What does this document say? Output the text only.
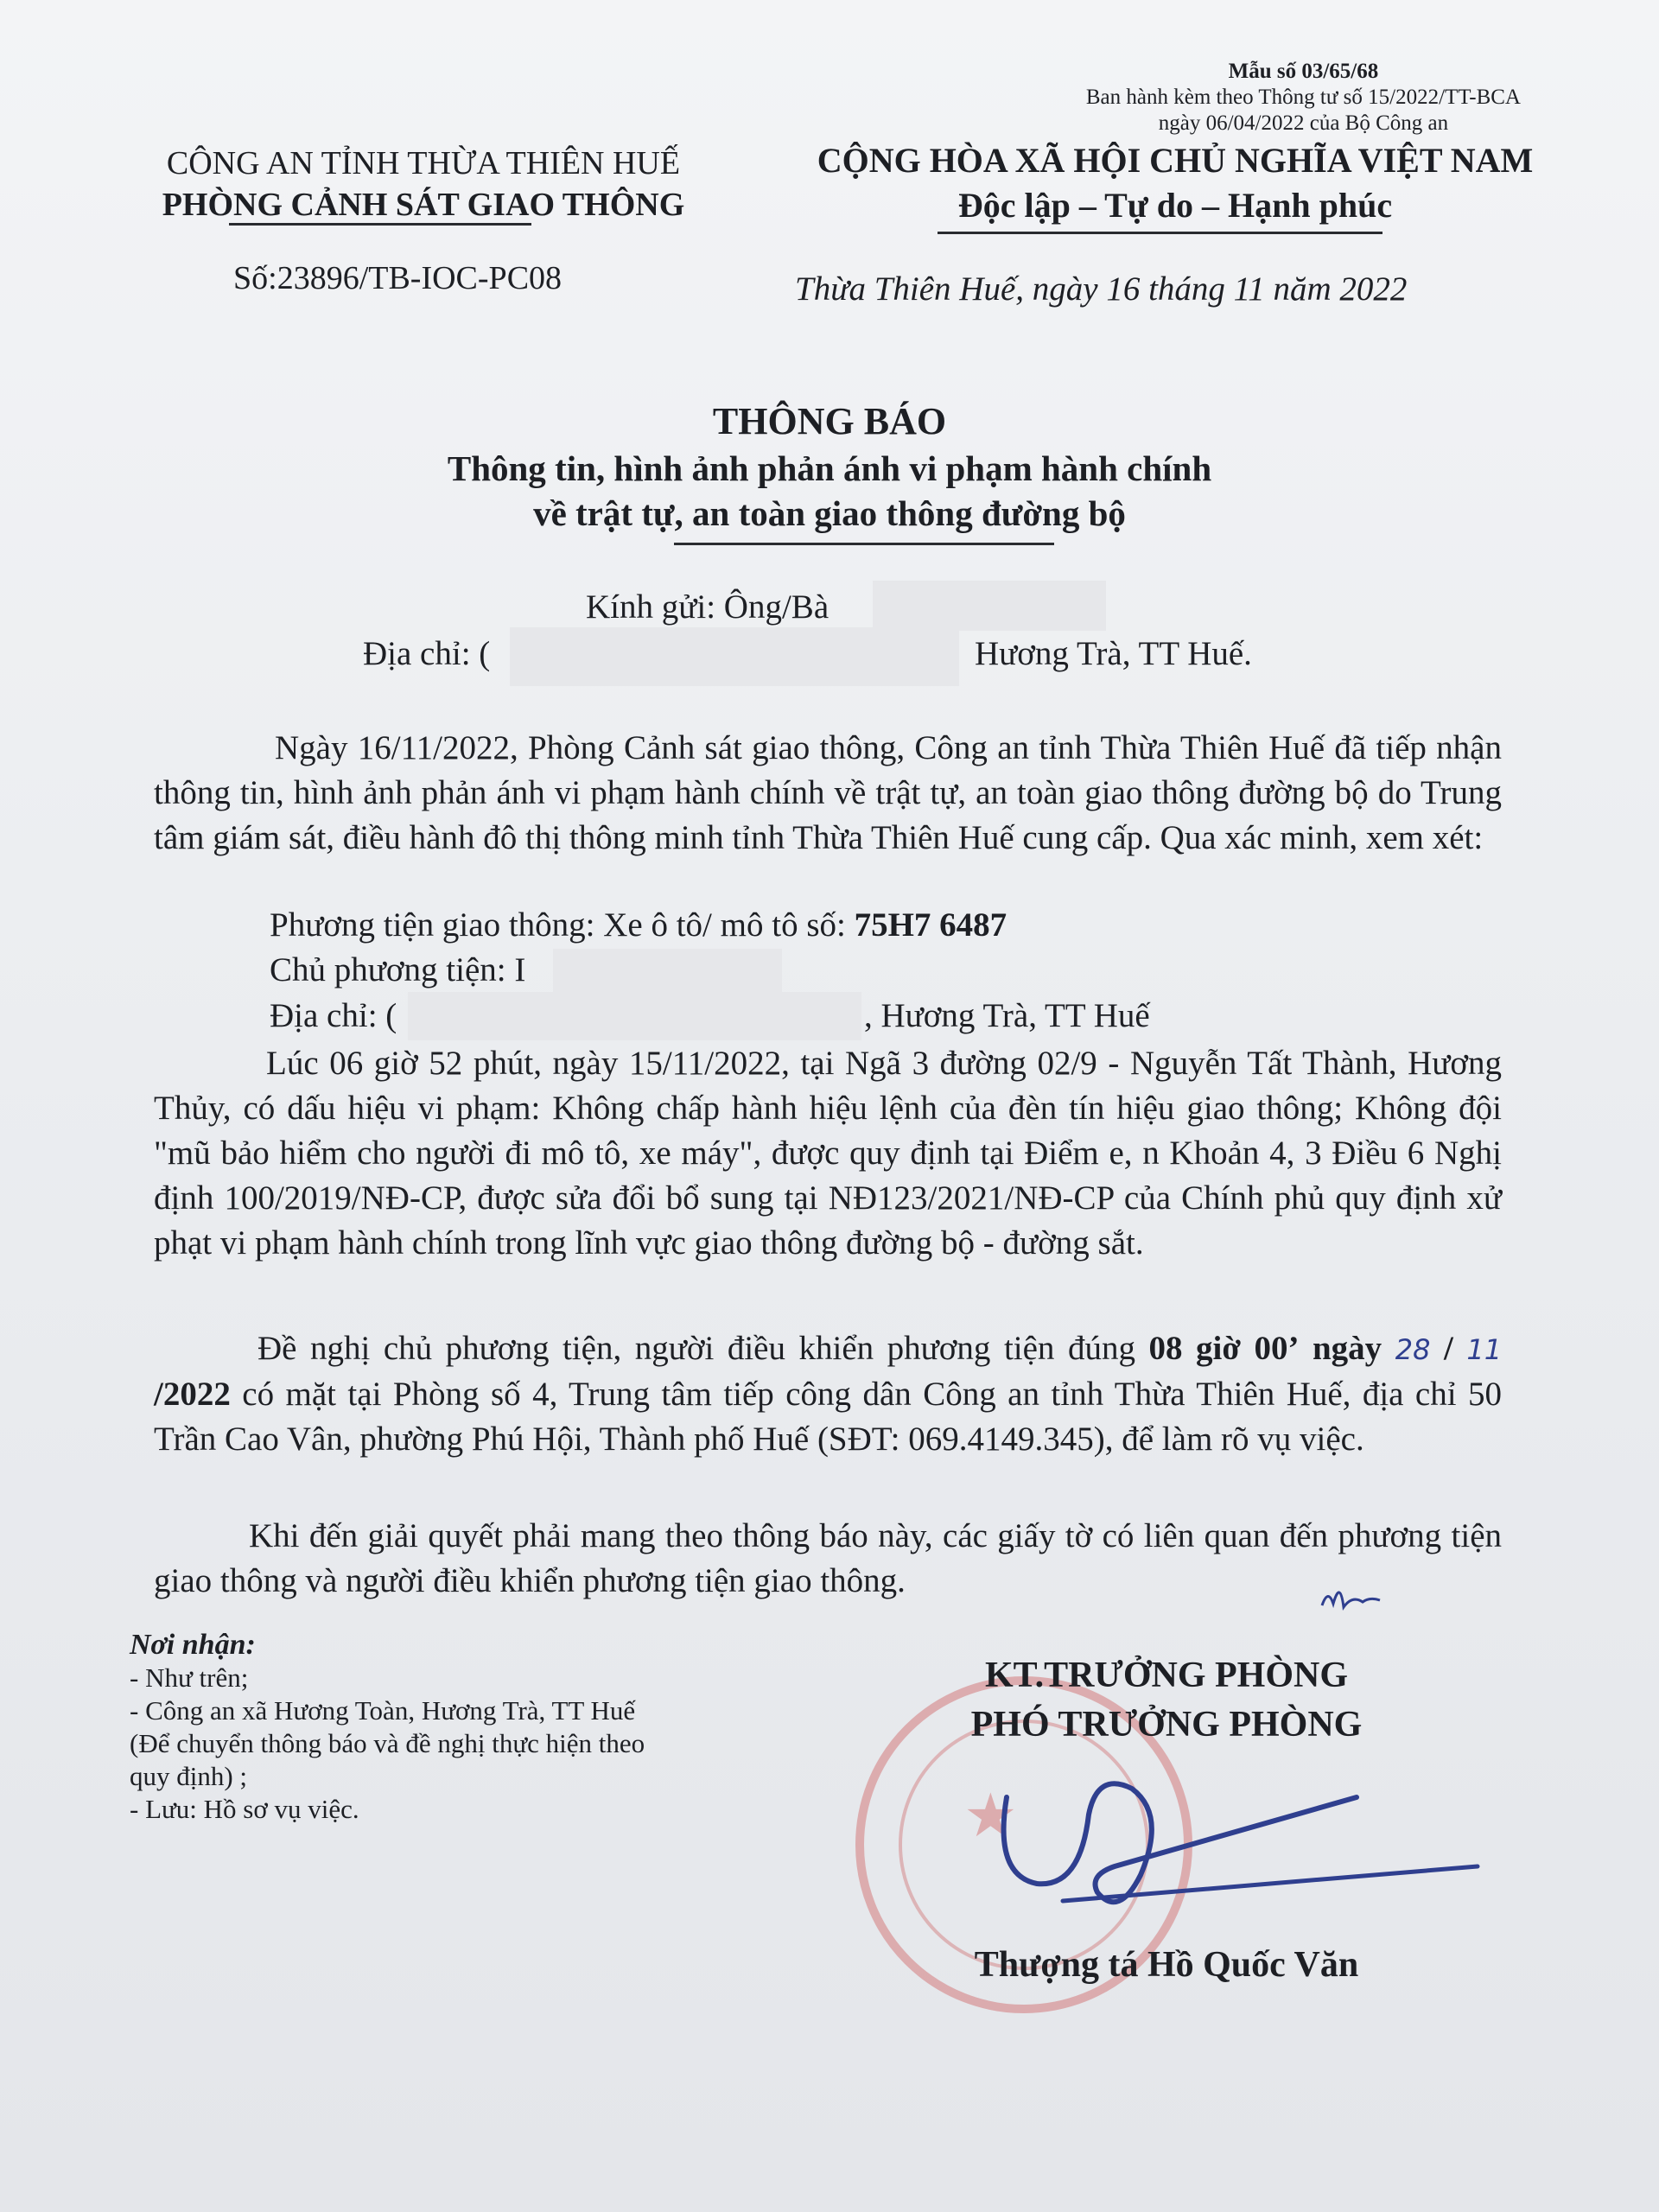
Mẫu số 03/65/68
Ban hành kèm theo Thông tư số 15/2022/TT-BCA
ngày 06/04/2022 của Bộ Công an
CÔNG AN TỈNH THỪA THIÊN HUẾ
PHÒNG CẢNH SÁT GIAO THÔNG
Số:23896/TB-IOC-PC08
CỘNG HÒA XÃ HỘI CHỦ NGHĨA VIỆT NAM
Độc lập – Tự do – Hạnh phúc
Thừa Thiên Huế, ngày 16 tháng 11 năm 2022
THÔNG BÁO
Thông tin, hình ảnh phản ánh vi phạm hành chính
về trật tự, an toàn giao thông đường bộ
Kính gửi: Ông/Bà
Địa chỉ: (	Hương Trà, TT Huế.
Ngày 16/11/2022, Phòng Cảnh sát giao thông, Công an tỉnh Thừa Thiên Huế đã tiếp nhận thông tin, hình ảnh phản ánh vi phạm hành chính về trật tự, an toàn giao thông đường bộ do Trung tâm giám sát, điều hành đô thị thông minh tỉnh Thừa Thiên Huế cung cấp. Qua xác minh, xem xét:
Phương tiện giao thông: Xe ô tô/ mô tô số: 75H7 6487
Chủ phương tiện: I
Địa chỉ: (	, Hương Trà, TT Huế
Lúc 06 giờ 52 phút, ngày 15/11/2022, tại Ngã 3 đường 02/9 - Nguyễn Tất Thành, Hương Thủy, có dấu hiệu vi phạm: Không chấp hành hiệu lệnh của đèn tín hiệu giao thông; Không đội "mũ bảo hiểm cho người đi mô tô, xe máy", được quy định tại Điểm e, n Khoản 4, 3 Điều 6 Nghị định 100/2019/NĐ-CP, được sửa đổi bổ sung tại NĐ123/2021/NĐ-CP của Chính phủ quy định xử phạt vi phạm hành chính trong lĩnh vực giao thông đường bộ - đường sắt.
Đề nghị chủ phương tiện, người điều khiển phương tiện đúng 08 giờ 00’ ngày 28 / 11 /2022 có mặt tại Phòng số 4, Trung tâm tiếp công dân Công an tỉnh Thừa Thiên Huế, địa chỉ 50 Trần Cao Vân, phường Phú Hội, Thành phố Huế (SĐT: 069.4149.345), để làm rõ vụ việc.
Khi đến giải quyết phải mang theo thông báo này, các giấy tờ có liên quan đến phương tiện giao thông và người điều khiển phương tiện giao thông.
Nơi nhận:
- Như trên;
- Công an xã Hương Toàn, Hương Trà, TT Huế
(Để chuyển thông báo và đề nghị thực hiện theo
quy định) ;
- Lưu: Hồ sơ vụ việc.	★
KT.TRƯỞNG PHÒNG
PHÓ TRƯỞNG PHÒNG
Thượng tá Hồ Quốc Văn
